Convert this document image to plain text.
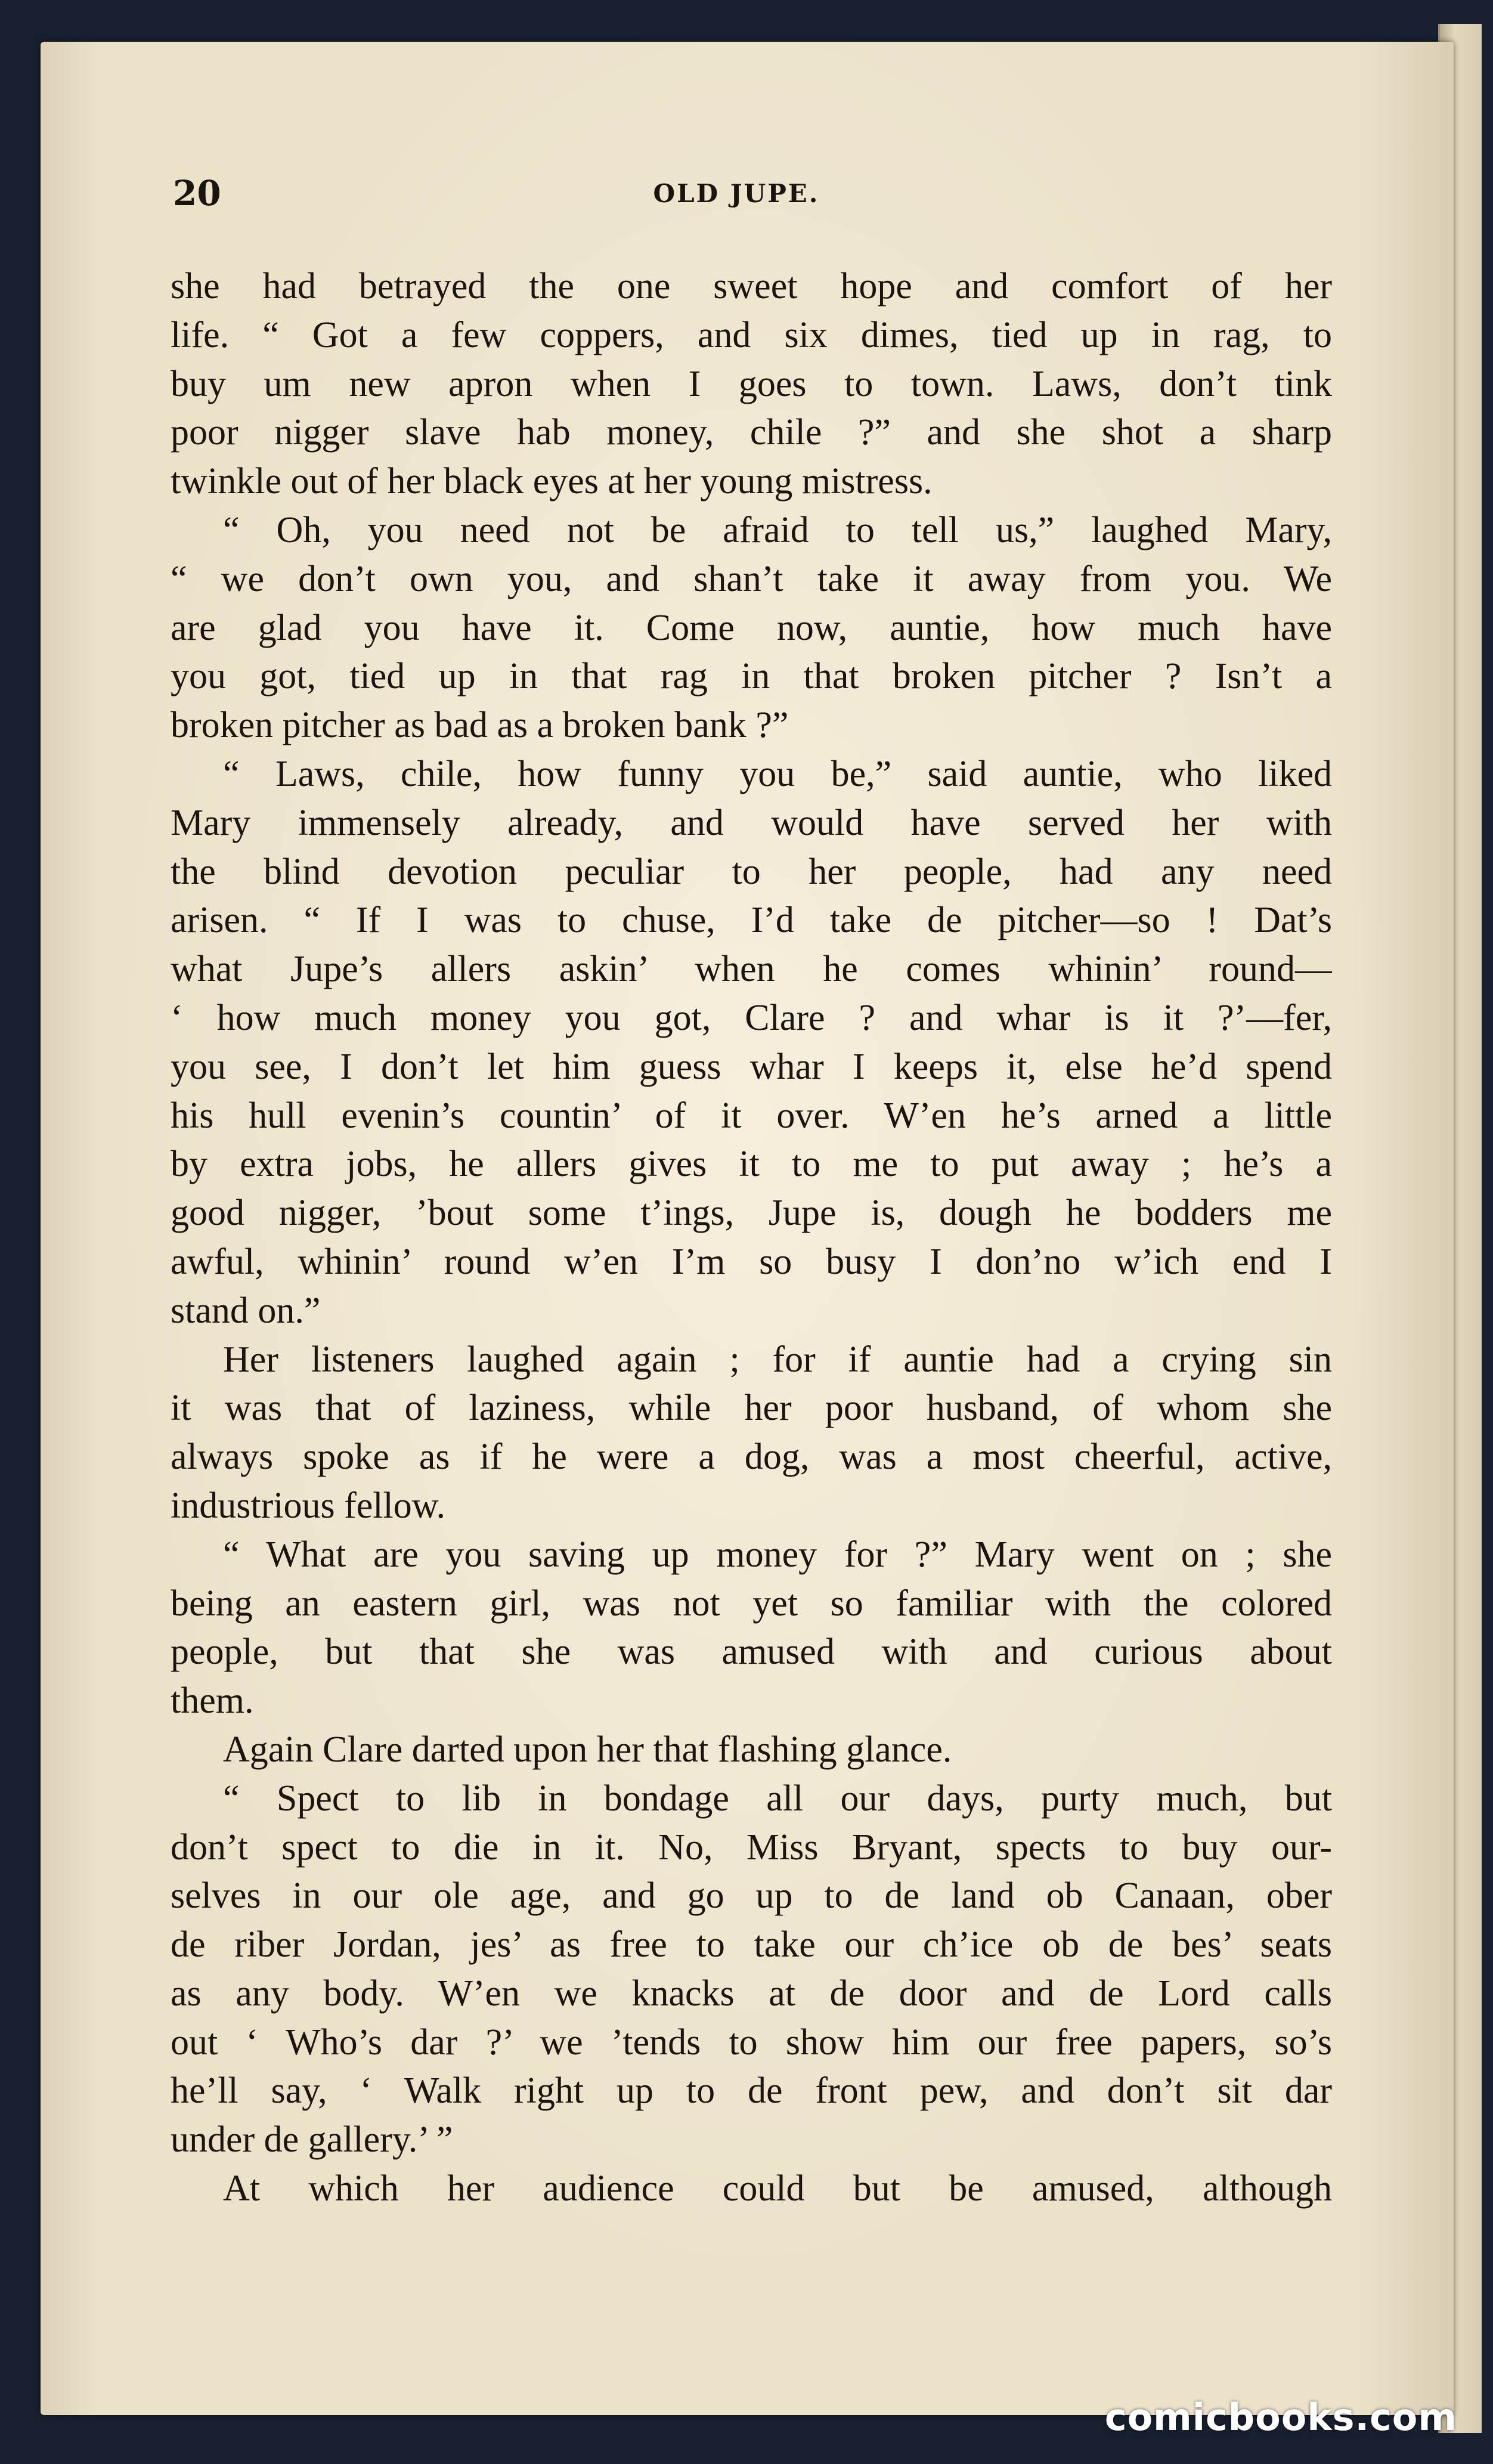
20	OLD JUPE.
she had betrayed the one sweet hope and comfort of her
life. “ Got a few coppers, and six dimes, tied up in rag, to
buy um new apron when I goes to town. Laws, don’t tink
poor nigger slave hab money, chile ?” and she shot a sharp
twinkle out of her black eyes at her young mistress.
“ Oh, you need not be afraid to tell us,” laughed Mary,
“ we don’t own you, and shan’t take it away from you. We
are glad you have it. Come now, auntie, how much have
you got, tied up in that rag in that broken pitcher ? Isn’t a
broken pitcher as bad as a broken bank ?”
“ Laws, chile, how funny you be,” said auntie, who liked
Mary immensely already, and would have served her with
the blind devotion peculiar to her people, had any need
arisen. “ If I was to chuse, I’d take de pitcher—so ! Dat’s
what Jupe’s allers askin’ when he comes whinin’ round—
‘ how much money you got, Clare ? and whar is it ?’—fer,
you see, I don’t let him guess whar I keeps it, else he’d spend
his hull evenin’s countin’ of it over. W’en he’s arned a little
by extra jobs, he allers gives it to me to put away ; he’s a
good nigger, ’bout some t’ings, Jupe is, dough he bodders me
awful, whinin’ round w’en I’m so busy I don’no w’ich end I
stand on.”
Her listeners laughed again ; for if auntie had a crying sin
it was that of laziness, while her poor husband, of whom she
always spoke as if he were a dog, was a most cheerful, active,
industrious fellow.
“ What are you saving up money for ?” Mary went on ; she
being an eastern girl, was not yet so familiar with the colored
people, but that she was amused with and curious about
them.
Again Clare darted upon her that flashing glance.
“ Spect to lib in bondage all our days, purty much, but
don’t spect to die in it. No, Miss Bryant, spects to buy our-
selves in our ole age, and go up to de land ob Canaan, ober
de riber Jordan, jes’ as free to take our ch’ice ob de bes’ seats
as any body. W’en we knacks at de door and de Lord calls
out ‘ Who’s dar ?’ we ’tends to show him our free papers, so’s
he’ll say, ‘ Walk right up to de front pew, and don’t sit dar
under de gallery.’ ”
At which her audience could but be amused, although
comicbooks.com
